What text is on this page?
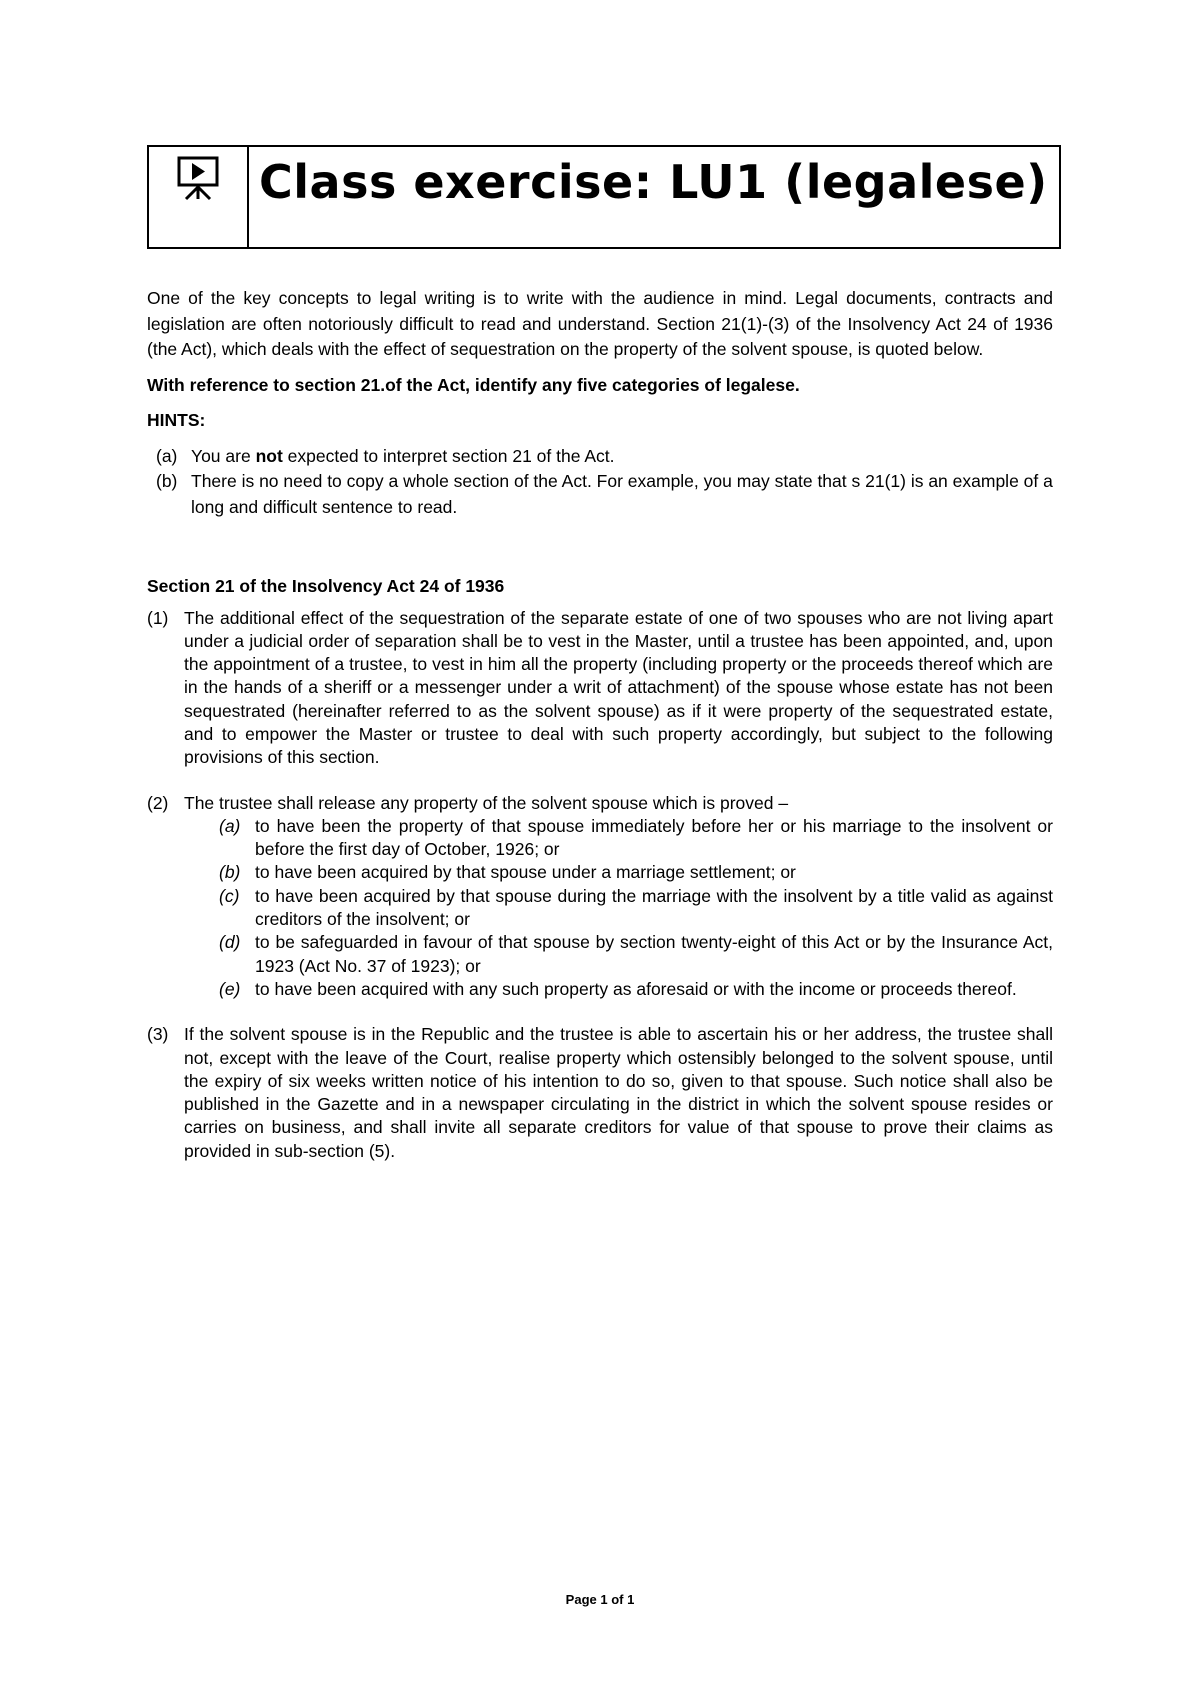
Class exercise: LU1 (legalese)

One of the key concepts to legal writing is to write with the audience in mind. Legal documents, contracts and legislation are often notoriously difficult to read and understand. Section 21(1)-(3) of the Insolvency Act 24 of 1936 (the Act), which deals with the effect of sequestration on the property of the solvent spouse, is quoted below.

With reference to section 21.of the Act, identify any five categories of legalese.

HINTS:

(a) You are not expected to interpret section 21 of the Act.
(b) There is no need to copy a whole section of the Act. For example, you may state that s 21(1) is an example of a long and difficult sentence to read.

Section 21 of the Insolvency Act 24 of 1936

(1) The additional effect of the sequestration of the separate estate of one of two spouses who are not living apart under a judicial order of separation shall be to vest in the Master, until a trustee has been appointed, and, upon the appointment of a trustee, to vest in him all the property (including property or the proceeds thereof which are in the hands of a sheriff or a messenger under a writ of attachment) of the spouse whose estate has not been sequestrated (hereinafter referred to as the solvent spouse) as if it were property of the sequestrated estate, and to empower the Master or trustee to deal with such property accordingly, but subject to the following provisions of this section.
(2) The trustee shall release any property of the solvent spouse which is proved –
(a) to have been the property of that spouse immediately before her or his marriage to the insolvent or before the first day of October, 1926; or
(b) to have been acquired by that spouse under a marriage settlement; or
(c) to have been acquired by that spouse during the marriage with the insolvent by a title valid as against creditors of the insolvent; or
(d) to be safeguarded in favour of that spouse by section twenty-eight of this Act or by the Insurance Act, 1923 (Act No. 37 of 1923); or
(e) to have been acquired with any such property as aforesaid or with the income or proceeds thereof.
(3) If the solvent spouse is in the Republic and the trustee is able to ascertain his or her address, the trustee shall not, except with the leave of the Court, realise property which ostensibly belonged to the solvent spouse, until the expiry of six weeks written notice of his intention to do so, given to that spouse. Such notice shall also be published in the Gazette and in a newspaper circulating in the district in which the solvent spouse resides or carries on business, and shall invite all separate creditors for value of that spouse to prove their claims as provided in sub-section (5).
Page 1 of 1
